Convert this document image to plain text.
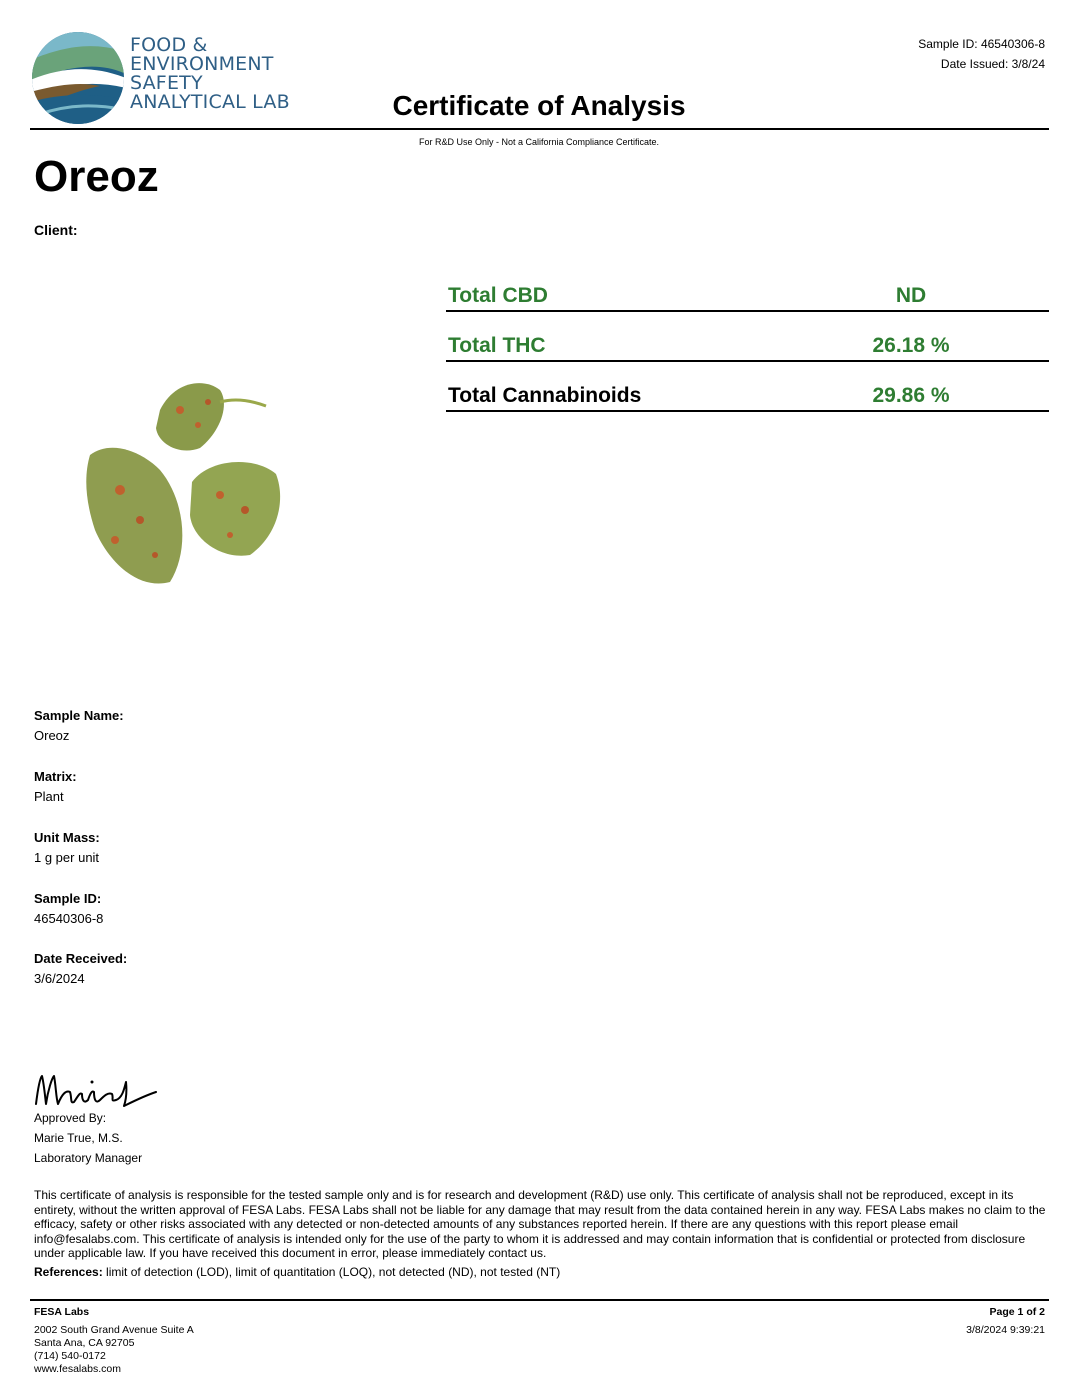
FOOD &
ENVIRONMENT
SAFETY
ANALYTICAL LAB
Sample ID: 46540306-8
Date Issued: 3/8/24
Certificate of Analysis
For R&D Use Only - Not a California Compliance Certificate.
Oreoz
Client:
Total CBD	ND
Total THC	26.18 %
Total Cannabinoids	29.86 %
Sample Name:
Oreoz
Matrix:
Plant
Unit Mass:
1 g per unit
Sample ID:
46540306-8
Date Received:
3/6/2024
Approved By:
Marie True, M.S.
Laboratory Manager
This certificate of analysis is responsible for the tested sample only and is for research and development (R&D) use only. This certificate of analysis shall not be reproduced, except in its entirety, without the written approval of FESA Labs. FESA Labs shall not be liable for any damage that may result from the data contained herein in any way. FESA Labs makes no claim to the efficacy, safety or other risks associated with any detected or non-detected amounts of any substances reported herein. If there are any questions with this report please email info@fesalabs.com. This certificate of analysis is intended only for the use of the party to whom it is addressed and may contain information that is confidential or protected from disclosure under applicable law. If you have received this document in error, please immediately contact us.
References: limit of detection (LOD), limit of quantitation (LOQ), not detected (ND), not tested (NT)
FESA Labs
2002 South Grand Avenue Suite A
Santa Ana, CA 92705
(714) 540-0172
www.fesalabs.com
Page 1 of 2
3/8/2024 9:39:21
